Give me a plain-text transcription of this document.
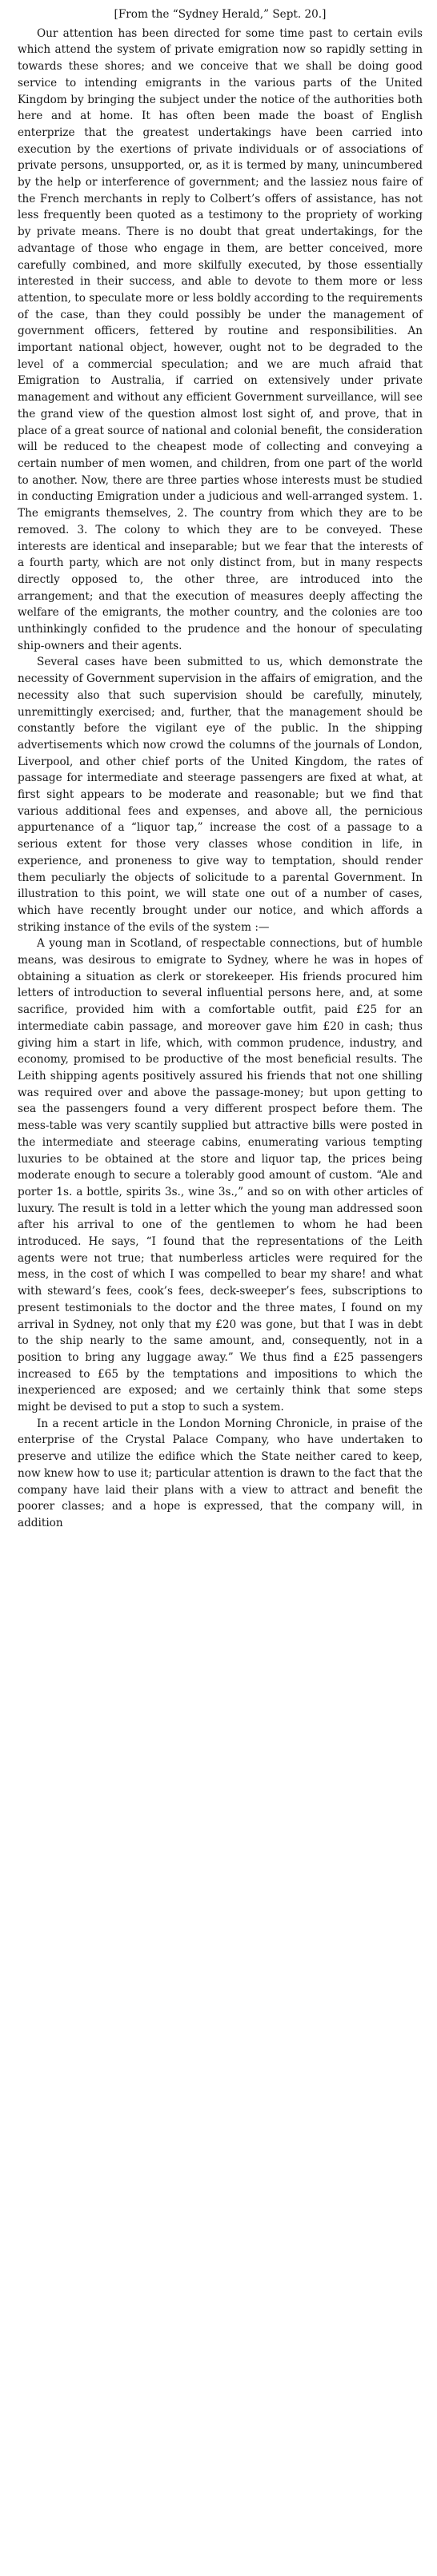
[From the “Sydney Herald,” Sept. 20.]

Our attention has been directed for some time past to certain evils which attend the system of private emigration now so rapidly setting in towards these shores; and we conceive that we shall be doing good service to intending emigrants in the various parts of the United Kingdom by bringing the subject under the notice of the authorities both here and at home. It has often been made the boast of English enterprize that the greatest undertakings have been carried into execution by the exertions of private individuals or of associations of private persons, unsupported, or, as it is termed by many, unincumbered by the help or interference of government; and the lassiez nous faire of the French merchants in reply to Colbert’s offers of assistance, has not less frequently been quoted as a testimony to the propriety of working by private means. There is no doubt that great undertakings, for the advantage of those who engage in them, are better conceived, more carefully combined, and more skilfully executed, by those essentially interested in their success, and able to devote to them more or less attention, to speculate more or less boldly according to the requirements of the case, than they could possibly be under the management of government officers, fettered by routine and responsibilities. An important national object, however, ought not to be degraded to the level of a commercial speculation; and we are much afraid that Emigration to Australia, if carried on extensively under private management and without any efficient Government surveillance, will see the grand view of the question almost lost sight of, and prove, that in place of a great source of national and colonial benefit, the consideration will be reduced to the cheapest mode of collecting and conveying a certain number of men women, and children, from one part of the world to another. Now, there are three parties whose interests must be studied in conducting Emigration under a judicious and well-arranged system. 1. The emigrants themselves, 2. The country from which they are to be removed. 3. The colony to which they are to be conveyed. These interests are identical and inseparable; but we fear that the interests of a fourth party, which are not only distinct from, but in many respects directly opposed to, the other three, are introduced into the arrangement; and that the execution of measures deeply affecting the welfare of the emigrants, the mother country, and the colonies are too unthinkingly confided to the prudence and the honour of speculating ship-owners and their agents.

Several cases have been submitted to us, which demonstrate the necessity of Government supervision in the affairs of emigration, and the necessity also that such supervision should be carefully, minutely, unremittingly exercised; and, further, that the management should be constantly before the vigilant eye of the public. In the shipping advertisements which now crowd the columns of the journals of London, Liverpool, and other chief ports of the United Kingdom, the rates of passage for intermediate and steerage passengers are fixed at what, at first sight appears to be moderate and reasonable; but we find that various additional fees and expenses, and above all, the pernicious appurtenance of a “liquor tap,” increase the cost of a passage to a serious extent for those very classes whose condition in life, in experience, and proneness to give way to temptation, should render them peculiarly the objects of solicitude to a parental Government. In illustration to this point, we will state one out of a number of cases, which have recently brought under our notice, and which affords a striking instance of the evils of the system :—

A young man in Scotland, of respectable connections, but of humble means, was desirous to emigrate to Sydney, where he was in hopes of obtaining a situation as clerk or storekeeper. His friends procured him letters of introduction to several influential persons here, and, at some sacrifice, provided him with a comfortable outfit, paid £25 for an intermediate cabin passage, and moreover gave him £20 in cash; thus giving him a start in life, which, with common prudence, industry, and economy, promised to be productive of the most beneficial results. The Leith shipping agents positively assured his friends that not one shilling was required over and above the passage-money; but upon getting to sea the passengers found a very different prospect before them. The mess-table was very scantily supplied but attractive bills were posted in the intermediate and steerage cabins, enumerating various tempting luxuries to be obtained at the store and liquor tap, the prices being moderate enough to secure a tolerably good amount of custom. “Ale and porter 1s. a bottle, spirits 3s., wine 3s.,” and so on with other articles of luxury. The result is told in a letter which the young man addressed soon after his arrival to one of the gentlemen to whom he had been introduced. He says, “I found that the representations of the Leith agents were not true; that numberless articles were required for the mess, in the cost of which I was compelled to bear my share! and what with steward’s fees, cook’s fees, deck-sweeper’s fees, subscriptions to present testimonials to the doctor and the three mates, I found on my arrival in Sydney, not only that my £20 was gone, but that I was in debt to the ship nearly to the same amount, and, consequently, not in a position to bring any luggage away.” We thus find a £25 passengers increased to £65 by the temptations and impositions to which the inexperienced are exposed; and we certainly think that some steps might be devised to put a stop to such a system.

In a recent article in the London Morning Chronicle, in praise of the enterprise of the Crystal Palace Company, who have undertaken to preserve and utilize the edifice which the State neither cared to keep, now knew how to use it; particular attention is drawn to the fact that the company have laid their plans with a view to attract and benefit the poorer classes; and a hope is expressed, that the company will, in addition
